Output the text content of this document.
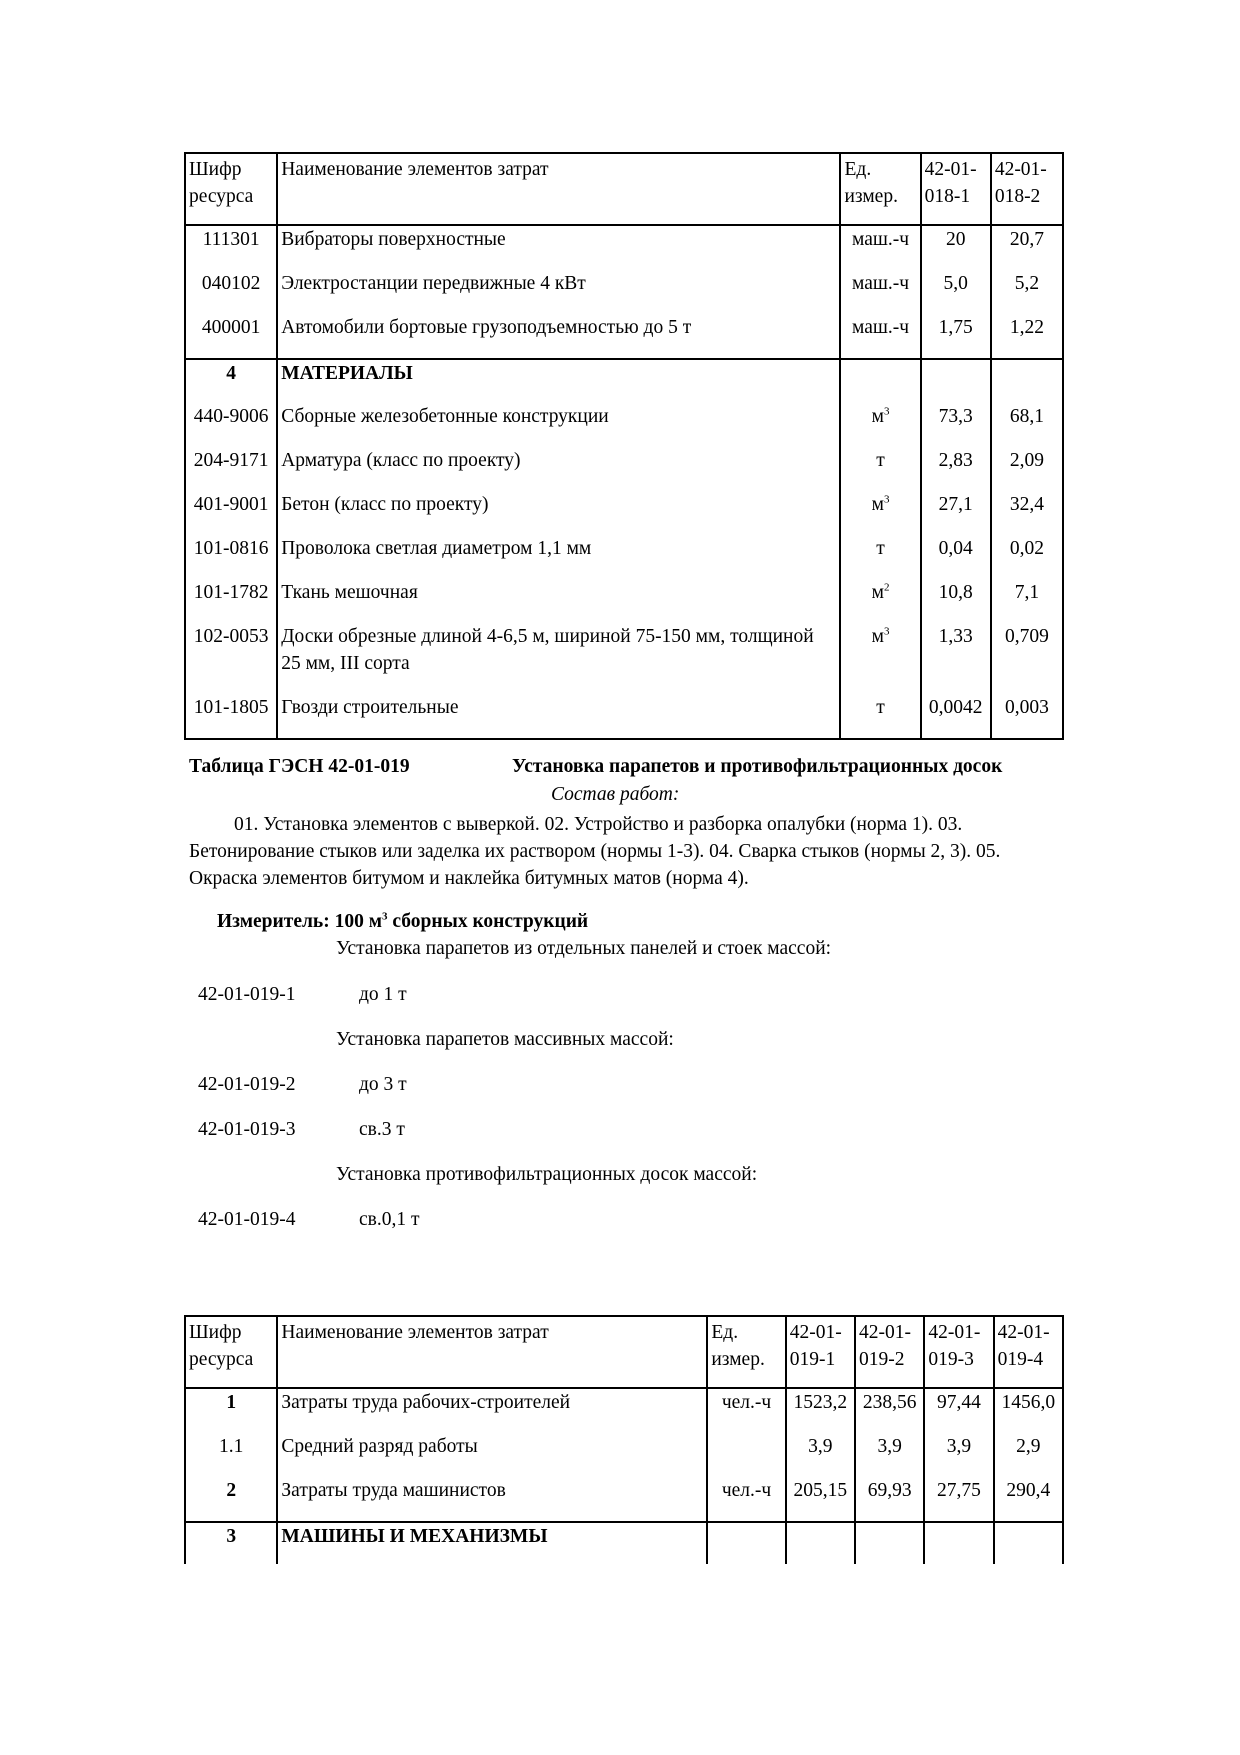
Шифр ресурса	Наименование элементов затрат	Ед. измер.	42-01-018-1	42-01-018-2
111301	Вибраторы поверхностные	маш.-ч	20	20,7
040102	Электростанции передвижные 4 кВт	маш.-ч	5,0	5,2
400001	Автомобили бортовые грузоподъемностью до 5 т	маш.-ч	1,75	1,22
4	МАТЕРИАЛЫ			
440-9006	Сборные железобетонные конструкции	$м^3$	73,3	68,1
204-9171	Арматура (класс по проекту)	т	2,83	2,09
401-9001	Бетон (класс по проекту)	$м^3$	27,1	32,4
101-0816	Проволока светлая диаметром 1,1 мм	т	0,04	0,02
101-1782	Ткань мешочная	$м^2$	10,8	7,1
102-0053	Доски обрезные длиной 4-6,5 м, шириной 75-150 мм, толщиной 25 мм, III сорта	$м^3$	1,33	0,709
101-1805	Гвозди строительные	т	0,0042	0,003
Таблица ГЭСН 42-01-019	Установка парапетов и противофильтрационных досок
Состав работ:
01. Установка элементов с выверкой. 02. Устройство и разборка опалубки (норма 1). 03. Бетонирование стыков или заделка их раствором (нормы 1-3). 04. Сварка стыков (нормы 2, 3). 05. Окраска элементов битумом и наклейка битумных матов (норма 4).
Измеритель: 100 $м^3$ сборных конструкций
Установка парапетов из отдельных панелей и стоек массой:
42-01-019-1	до 1 т
Установка парапетов массивных массой:
42-01-019-2	до 3 т
42-01-019-3	св.3 т
Установка противофильтрационных досок массой:
42-01-019-4	св.0,1 т
Шифр ресурса	Наименование элементов затрат	Ед. измер.	42-01-019-1	42-01-019-2	42-01-019-3	42-01-019-4
1	Затраты труда рабочих-строителей	чел.-ч	1523,2	238,56	97,44	1456,0
1.1	Средний разряд работы		3,9	3,9	3,9	2,9
2	Затраты труда машинистов	чел.-ч	205,15	69,93	27,75	290,4
3	МАШИНЫ И МЕХАНИЗМЫ					
